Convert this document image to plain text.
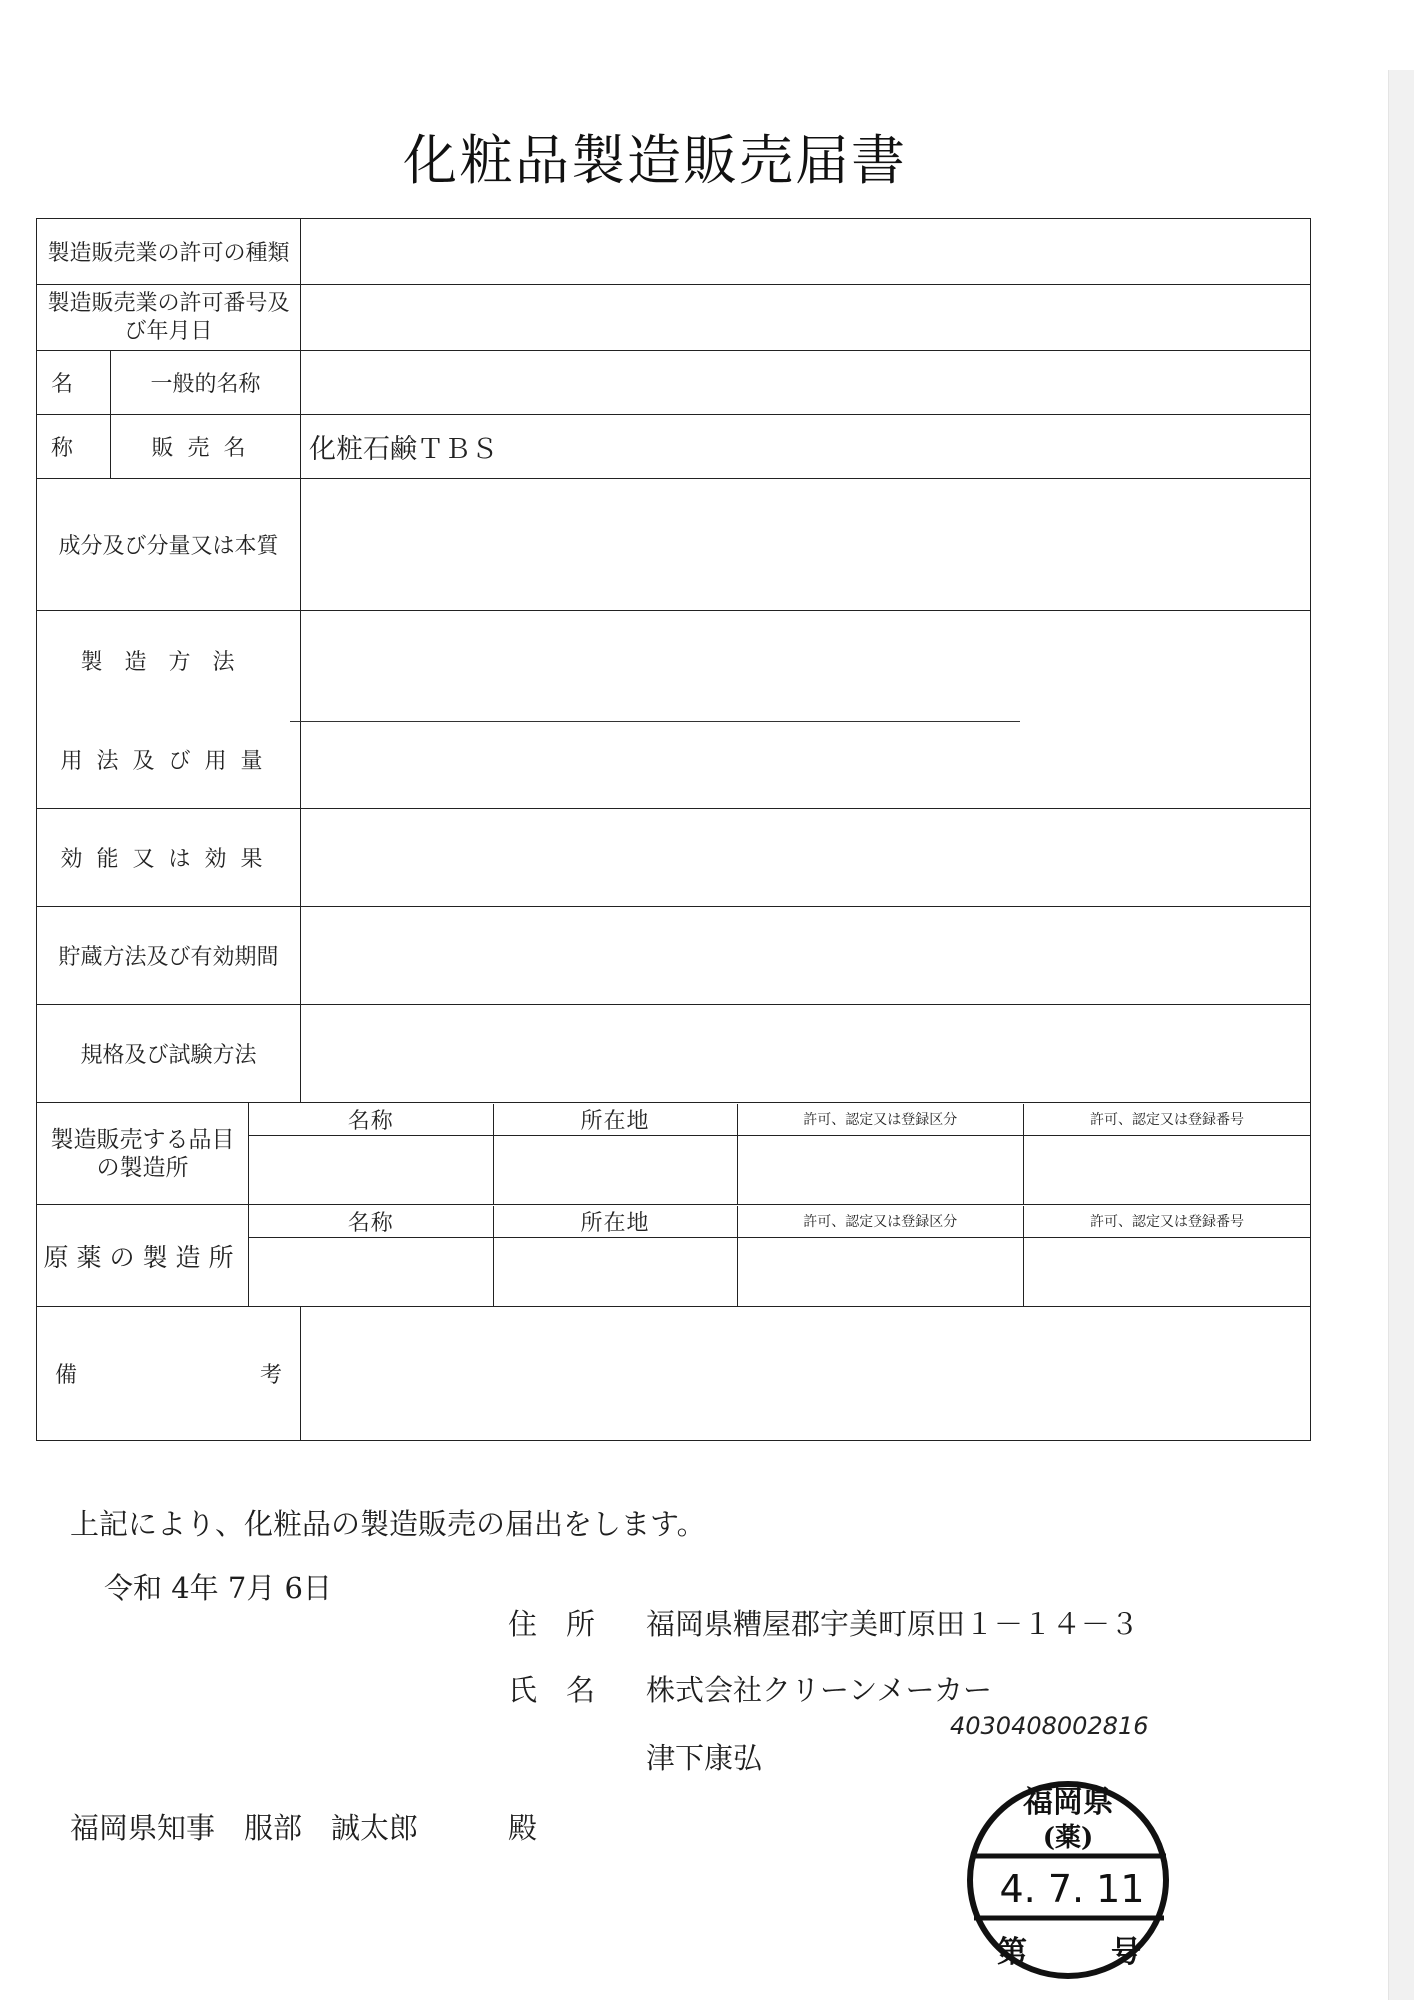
化粧品製造販売届書
製造販売業の許可の種類	
製造販売業の許可番号及び年月日	
名	一般的名称	
称	販売名	化粧石鹸ＴＢＳ
成分及び分量又は本質	
製造方法	
用法及び用量
効能又は効果	
貯蔵方法及び有効期間	
規格及び試験方法	
製造販売する品目の製造所	
名称	所在地	許可、認定又は登録区分	許可、認定又は登録番号

原薬の製造所	
名称	所在地	許可、認定又は登録区分	許可、認定又は登録番号

備	考

上記により、化粧品の製造販売の届出をします。
令和 4年 7月 6日
住　所 福岡県糟屋郡宇美町原田１－１４－３
氏　名 株式会社クリーンメーカー
津下康弘
福岡県知事　服部　誠太郎	殿
4030408002816
福岡県
(薬)
4. 7. 11
第	号
